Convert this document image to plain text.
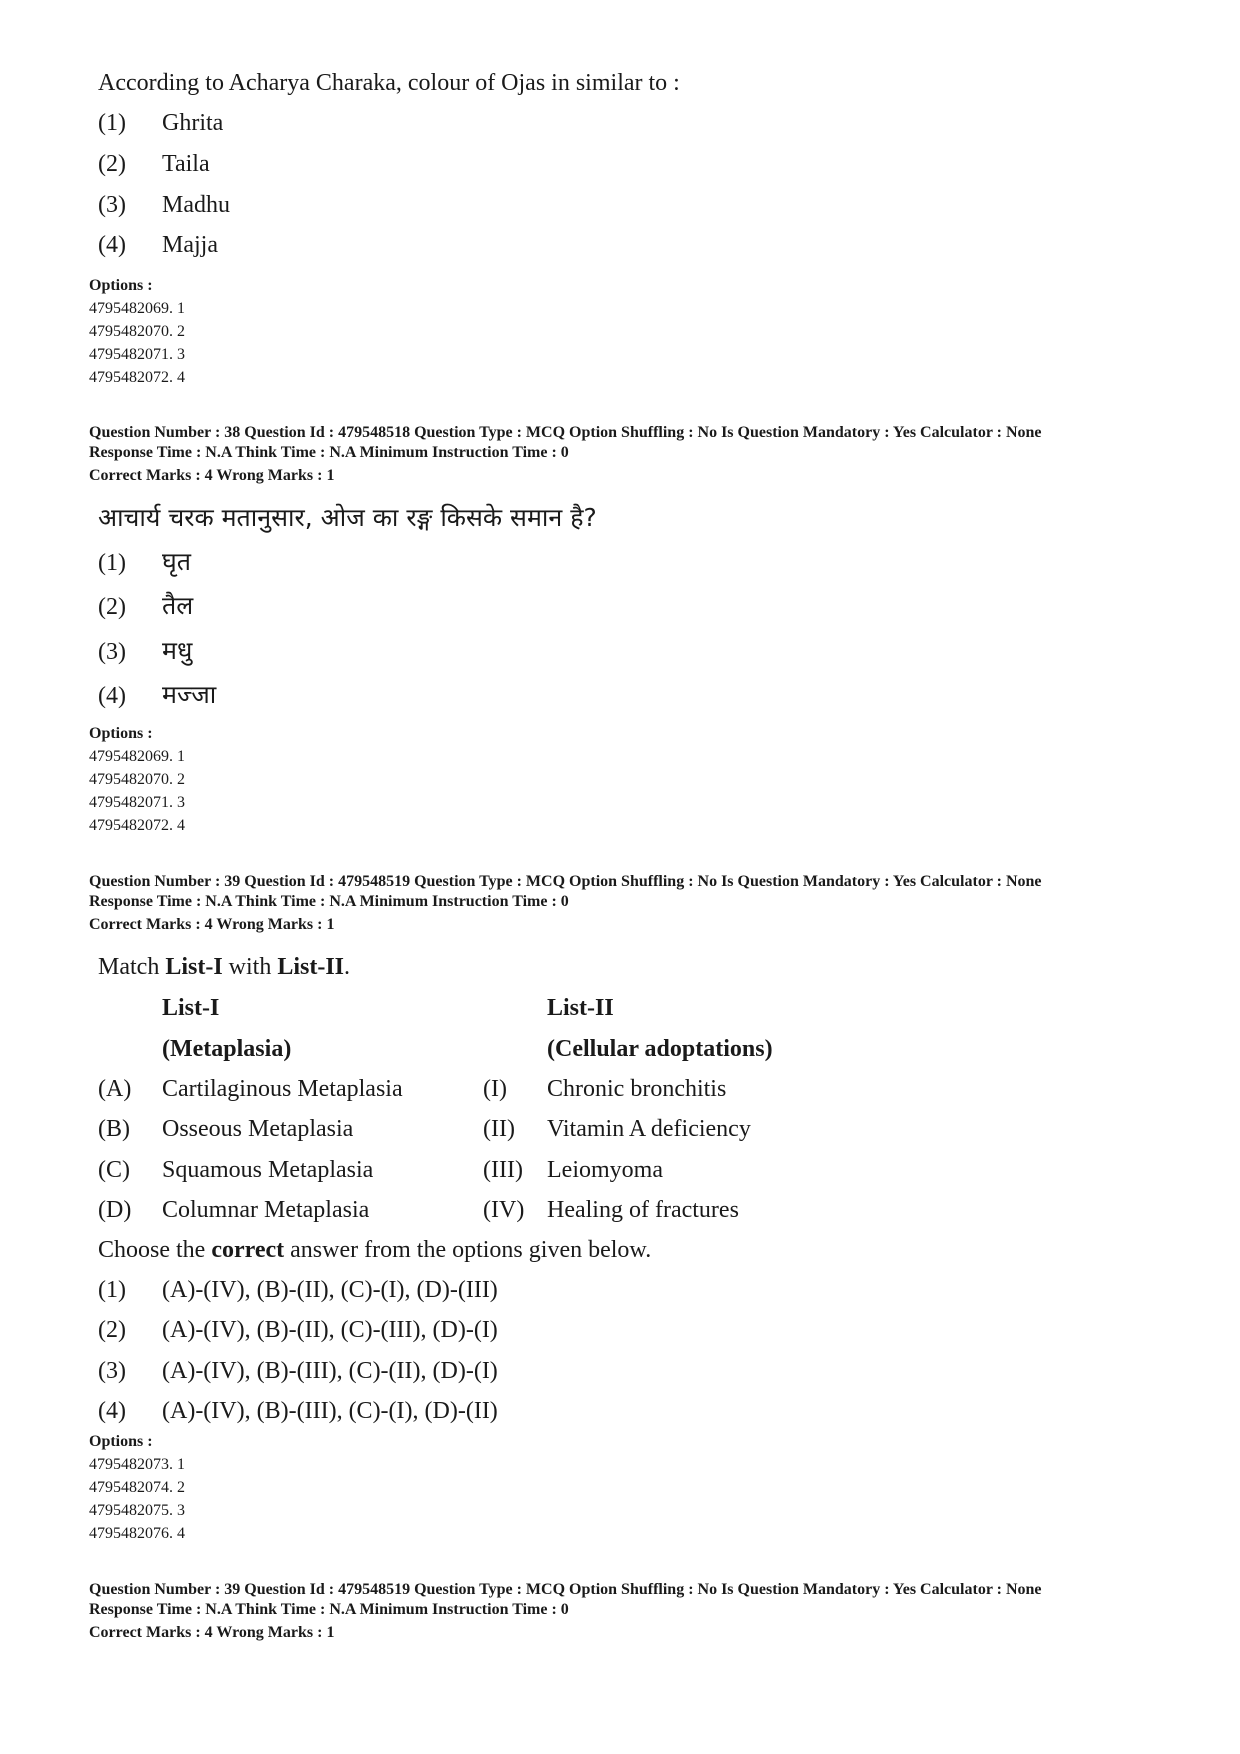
According to Acharya Charaka, colour of Ojas in similar to :
(1) Ghrita
(2) Taila
(3) Madhu
(4) Majja
Options :
4795482069. 1
4795482070. 2
4795482071. 3
4795482072. 4
Question Number : 38 Question Id : 479548518 Question Type : MCQ Option Shuffling : No Is Question Mandatory : Yes Calculator : None
Response Time : N.A Think Time : N.A Minimum Instruction Time : 0
Correct Marks : 4 Wrong Marks : 1
आचार्य चरक मतानुसार, ओज का रङ्ग किसके समान है?
(1) घृत
(2) तैल
(3) मधु
(4) मज्जा
Options :
4795482069. 1
4795482070. 2
4795482071. 3
4795482072. 4
Question Number : 39 Question Id : 479548519 Question Type : MCQ Option Shuffling : No Is Question Mandatory : Yes Calculator : None
Response Time : N.A Think Time : N.A Minimum Instruction Time : 0
Correct Marks : 4 Wrong Marks : 1
Match List-I with List-II.
List-I	List-II
(Metaplasia)	(Cellular adoptations)
(A) Cartilaginous Metaplasia	(I) Chronic bronchitis
(B) Osseous Metaplasia	(II) Vitamin A deficiency
(C) Squamous Metaplasia	(III) Leiomyoma
(D) Columnar Metaplasia	(IV) Healing of fractures
Choose the correct answer from the options given below.
(1) (A)-(IV), (B)-(II), (C)-(I), (D)-(III)
(2) (A)-(IV), (B)-(II), (C)-(III), (D)-(I)
(3) (A)-(IV), (B)-(III), (C)-(II), (D)-(I)
(4) (A)-(IV), (B)-(III), (C)-(I), (D)-(II)
Options :
4795482073. 1
4795482074. 2
4795482075. 3
4795482076. 4
Question Number : 39 Question Id : 479548519 Question Type : MCQ Option Shuffling : No Is Question Mandatory : Yes Calculator : None
Response Time : N.A Think Time : N.A Minimum Instruction Time : 0
Correct Marks : 4 Wrong Marks : 1
